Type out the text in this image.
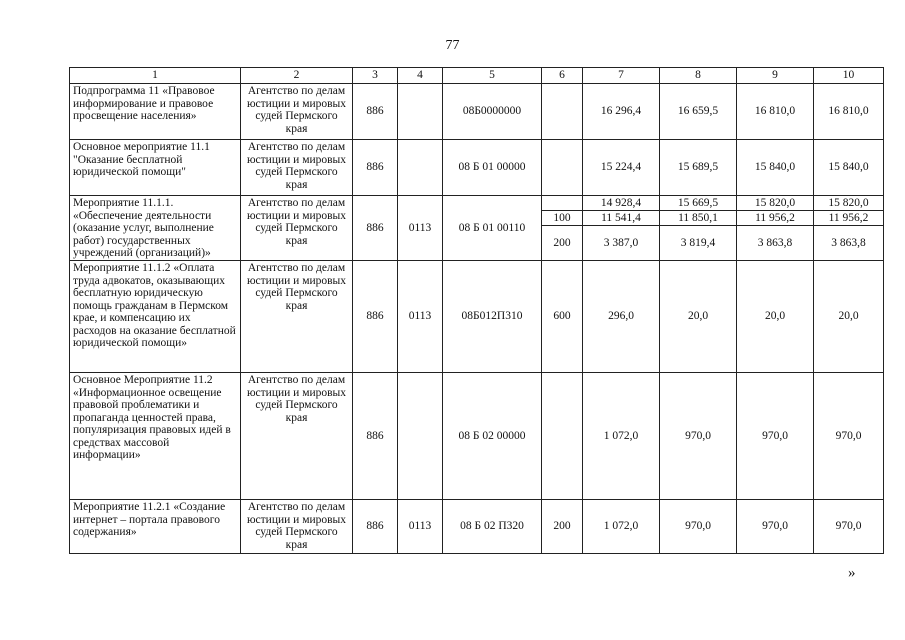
77
1	2	3	4	5	6	7	8	9	10
Подпрограмма 11 «Правовое информирование и правовое просвещение населения»	Агентство по делам юстиции и мировых судей Пермского края	886		08Б0000000		16 296,4	16 659,5	16 810,0	16 810,0
Основное мероприятие 11.1 "Оказание бесплатной юридической помощи"	Агентство по делам юстиции и мировых судей Пермского края	886		08 Б 01 00000		15 224,4	15 689,5	15 840,0	15 840,0
Мероприятие 11.1.1. «Обеспечение деятельности (оказание услуг, выполнение работ) государственных учреждений (организаций)»	Агентство по делам юстиции и мировых судей Пермского края	886	0113	08 Б 01 00110		14 928,4	15 669,5	15 820,0	15 820,0
					100	11 541,4	11 850,1	11 956,2	11 956,2
					200	3 387,0	3 819,4	3 863,8	3 863,8
Мероприятие 11.1.2 «Оплата труда адвокатов, оказывающих бесплатную юридическую помощь гражданам в Пермском крае, и компенсацию их расходов на оказание бесплатной юридической помощи»	Агентство по делам юстиции и мировых судей Пермского края	886	0113	08Б012П310	600	296,0	20,0	20,0	20,0
Основное Мероприятие 11.2 «Информационное освещение правовой проблематики и пропаганда ценностей права, популяризация правовых идей в средствах массовой информации»	Агентство по делам юстиции и мировых судей Пермского края	886		08 Б 02 00000		1 072,0	970,0	970,0	970,0
Мероприятие 11.2.1 «Создание интернет – портала правового содержания»	Агентство по делам юстиции и мировых судей Пермского края	886	0113	08 Б 02 П320	200	1 072,0	970,0	970,0	970,0
»
